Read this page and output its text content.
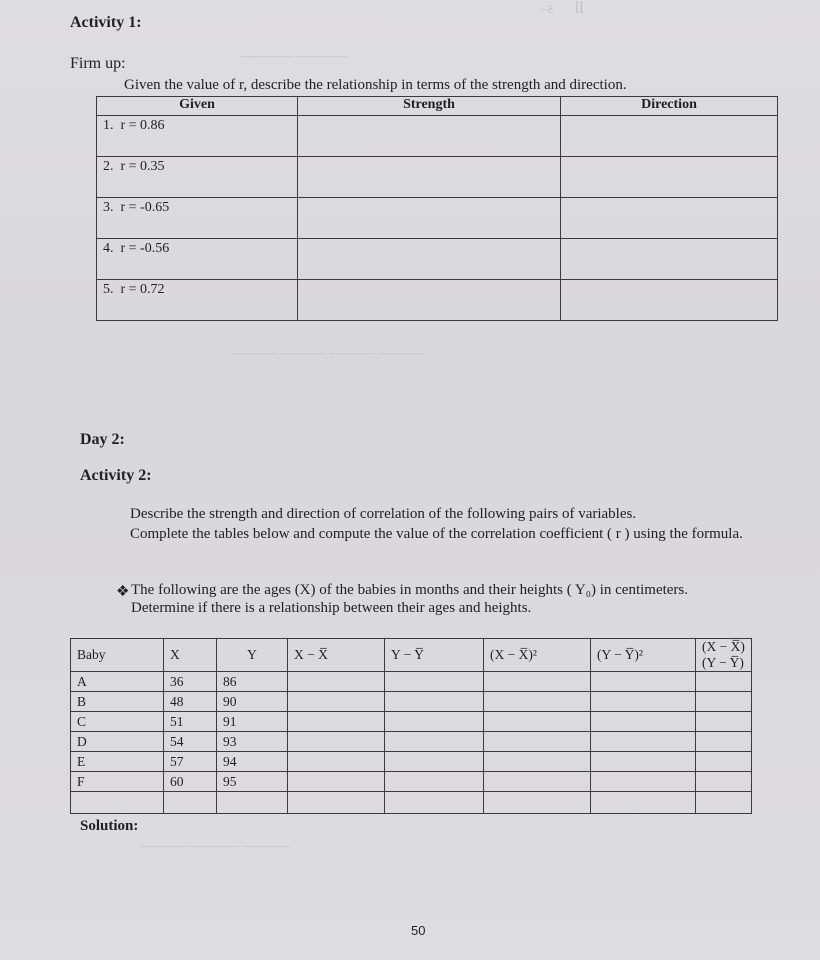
⌐Ƨ       ꟾꟾ
———— ————
Activity 1:
Firm up:
Given the value of r, describe the relationship in terms of the strength and direction.
Given	Strength	Direction
1. r = 0.86		
2. r = 0.35		
3. r = -0.65		
4. r = -0.56		
5. r = 0.72		
———— ———— ———— ————
Day 2:
Activity 2:
Describe the strength and direction of correlation of the following pairs of variables.
Complete the tables below and compute the value of the correlation coefficient ( r ) using the formula.
❖ The following are the ages (X) of the babies in months and their heights ( Y₀) in centimeters.
Determine if there is a relationship between their ages and heights.
Baby	X	Y	X − X̅	Y − Y̅	(X − X̅)²	(Y − Y̅)²	(X − X̅)(Y − Y̅)
A	36	86					
B	48	90					
C	51	91					
D	54	93					
E	57	94					
F	60	95					

Solution:
———— ———— ————
50
